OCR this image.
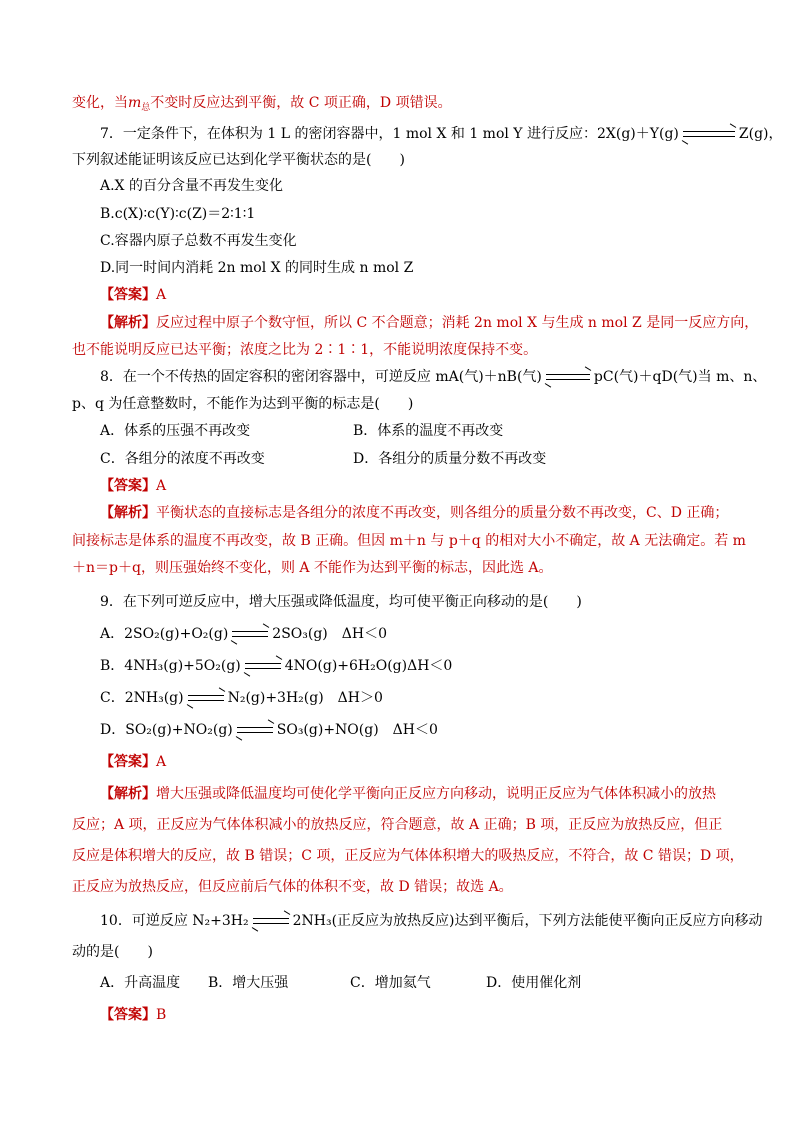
变化，当$m_总$不变时反应达到平衡，故 C 项正确，D 项错误。
7．一定条件下，在体积为 1 L 的密闭容器中，1 mol X 和 1 mol Y 进行反应：2X(g)＋Y(g)	Z(g)，
下列叙述能证明该反应已达到化学平衡状态的是(　　)
A.X 的百分含量不再发生变化
B.c(X)∶c(Y)∶c(Z)＝2∶1∶1
C.容器内原子总数不再发生变化
D.同一时间内消耗 2n mol X 的同时生成 n mol Z
【答案】A
【解析】反应过程中原子个数守恒，所以 C 不合题意；消耗 2n mol X 与生成 n mol Z 是同一反应方向，
也不能说明反应已达平衡；浓度之比为 2∶1∶1，不能说明浓度保持不变。
8．在一个不传热的固定容积的密闭容器中，可逆反应 mA(气)＋nB(气)	pC(气)＋qD(气)当 m、n、
p、q 为任意整数时，不能作为达到平衡的标志是(　　)
A．体系的压强不再改变	B．体系的温度不再改变
C．各组分的浓度不再改变	D．各组分的质量分数不再改变
【答案】A
【解析】平衡状态的直接标志是各组分的浓度不再改变，则各组分的质量分数不再改变，C、D 正确；
间接标志是体系的温度不再改变，故 B 正确。但因 m＋n 与 p＋q 的相对大小不确定，故 A 无法确定。若 m
＋n＝p＋q，则压强始终不变化，则 A 不能作为达到平衡的标志，因此选 A。
9．在下列可逆反应中，增大压强或降低温度，均可使平衡正向移动的是(　　)
A．2SO₂(g)+O₂(g)	2SO₃(g)　ΔH＜0
B．4NH₃(g)+5O₂(g)	4NO(g)+6H₂O(g)ΔH＜0
C．2NH₃(g)	N₂(g)+3H₂(g)　ΔH＞0
D．SO₂(g)+NO₂(g)	SO₃(g)+NO(g)　ΔH＜0
【答案】A
【解析】增大压强或降低温度均可使化学平衡向正反应方向移动，说明正反应为气体体积减小的放热
反应；A 项，正反应为气体体积减小的放热反应，符合题意，故 A 正确；B 项，正反应为放热反应，但正
反应是体积增大的反应，故 B 错误；C 项，正反应为气体体积增大的吸热反应，不符合，故 C 错误；D 项，
正反应为放热反应，但反应前后气体的体积不变，故 D 错误；故选 A。
10．可逆反应 N₂+3H₂	2NH₃(正反应为放热反应)达到平衡后，下列方法能使平衡向正反应方向移动
动的是(　　)
A．升高温度 B．增大压强	C．增加氦气	D．使用催化剂
【答案】B
